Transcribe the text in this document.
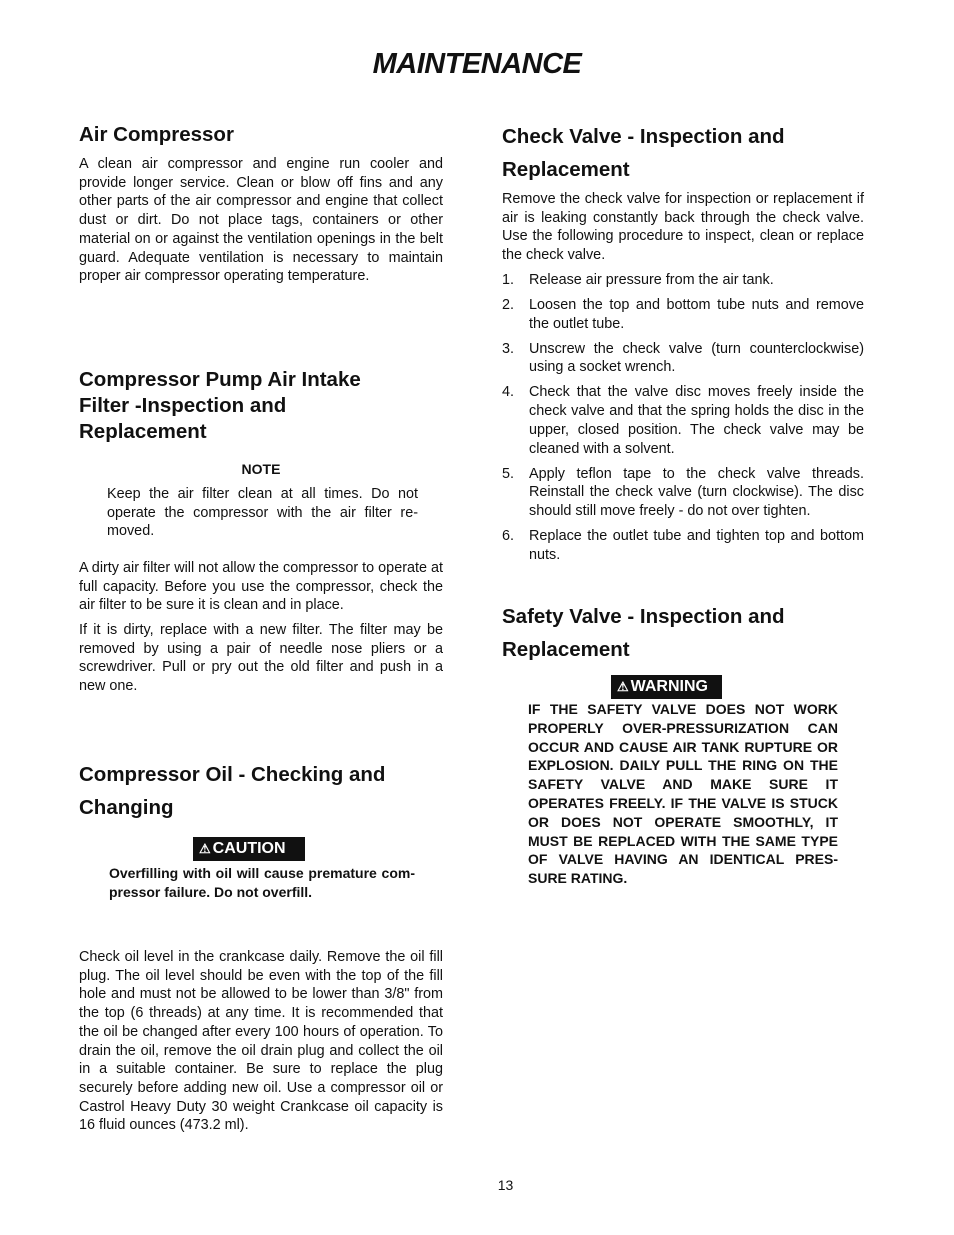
MAINTENANCE
Air Compressor

A clean air compressor and engine run cooler and provide longer service. Clean or blow off fins and any other parts of the air compressor and engine that collect dust or dirt. Do not place tags, containers or other material on or against the ventilation openings in the belt guard. Adequate ventilation is necessary to maintain proper air compressor operating temperature.

Compressor Pump Air Intake
Filter -Inspection and
Replacement
NOTE

Keep the air filter clean at all times. Do not operate the compressor with the air filter re-moved.

A dirty air filter will not allow the compressor to operate at full capacity. Before you use the compressor, check the air filter to be sure it is clean and in place.

If it is dirty, replace with a new filter. The filter may be removed by using a pair of needle nose pliers or a screwdriver. Pull or pry out the old filter and push in a new one.

Compressor Oil - Checking and
Changing
⚠ CAUTION

Overfilling with oil will cause premature com-pressor failure. Do not overfill.

Check oil level in the crankcase daily. Remove the oil fill plug. The oil level should be even with the top of the fill hole and must not be allowed to be lower than 3/8" from the top (6 threads) at any time. It is recommended that the oil be changed after every 100 hours of operation. To drain the oil, remove the oil drain plug and collect the oil in a suitable container. Be sure to replace the plug securely before adding new oil. Use a compressor oil or Castrol Heavy Duty 30 weight Crankcase oil capacity is 16 fluid ounces (473.2 ml).

Check Valve - Inspection and
Replacement

Remove the check valve for inspection or replacement if air is leaking constantly back through the check valve. Use the following procedure to inspect, clean or replace the check valve.

1. Release air pressure from the air tank.
2. Loosen the top and bottom tube nuts and remove the outlet tube.
3. Unscrew the check valve (turn counterclockwise) using a socket wrench.
4. Check that the valve disc moves freely inside the check valve and that the spring holds the disc in the upper, closed position. The check valve may be cleaned with a solvent.
5. Apply teflon tape to the check valve threads. Reinstall the check valve (turn clockwise). The disc should still move freely - do not over tighten.
6. Replace the outlet tube and tighten top and bottom nuts.
Safety Valve - Inspection and
Replacement
⚠ WARNING

IF THE SAFETY VALVE DOES NOT WORK PROPERLY OVER-PRESSURIZATION CAN OCCUR AND CAUSE AIR TANK RUPTURE OR EXPLOSION. DAILY PULL THE RING ON THE SAFETY VALVE AND MAKE SURE IT OPERATES FREELY. IF THE VALVE IS STUCK OR DOES NOT OPERATE SMOOTHLY, IT MUST BE REPLACED WITH THE SAME TYPE OF VALVE HAVING AN IDENTICAL PRES-SURE RATING.

13
